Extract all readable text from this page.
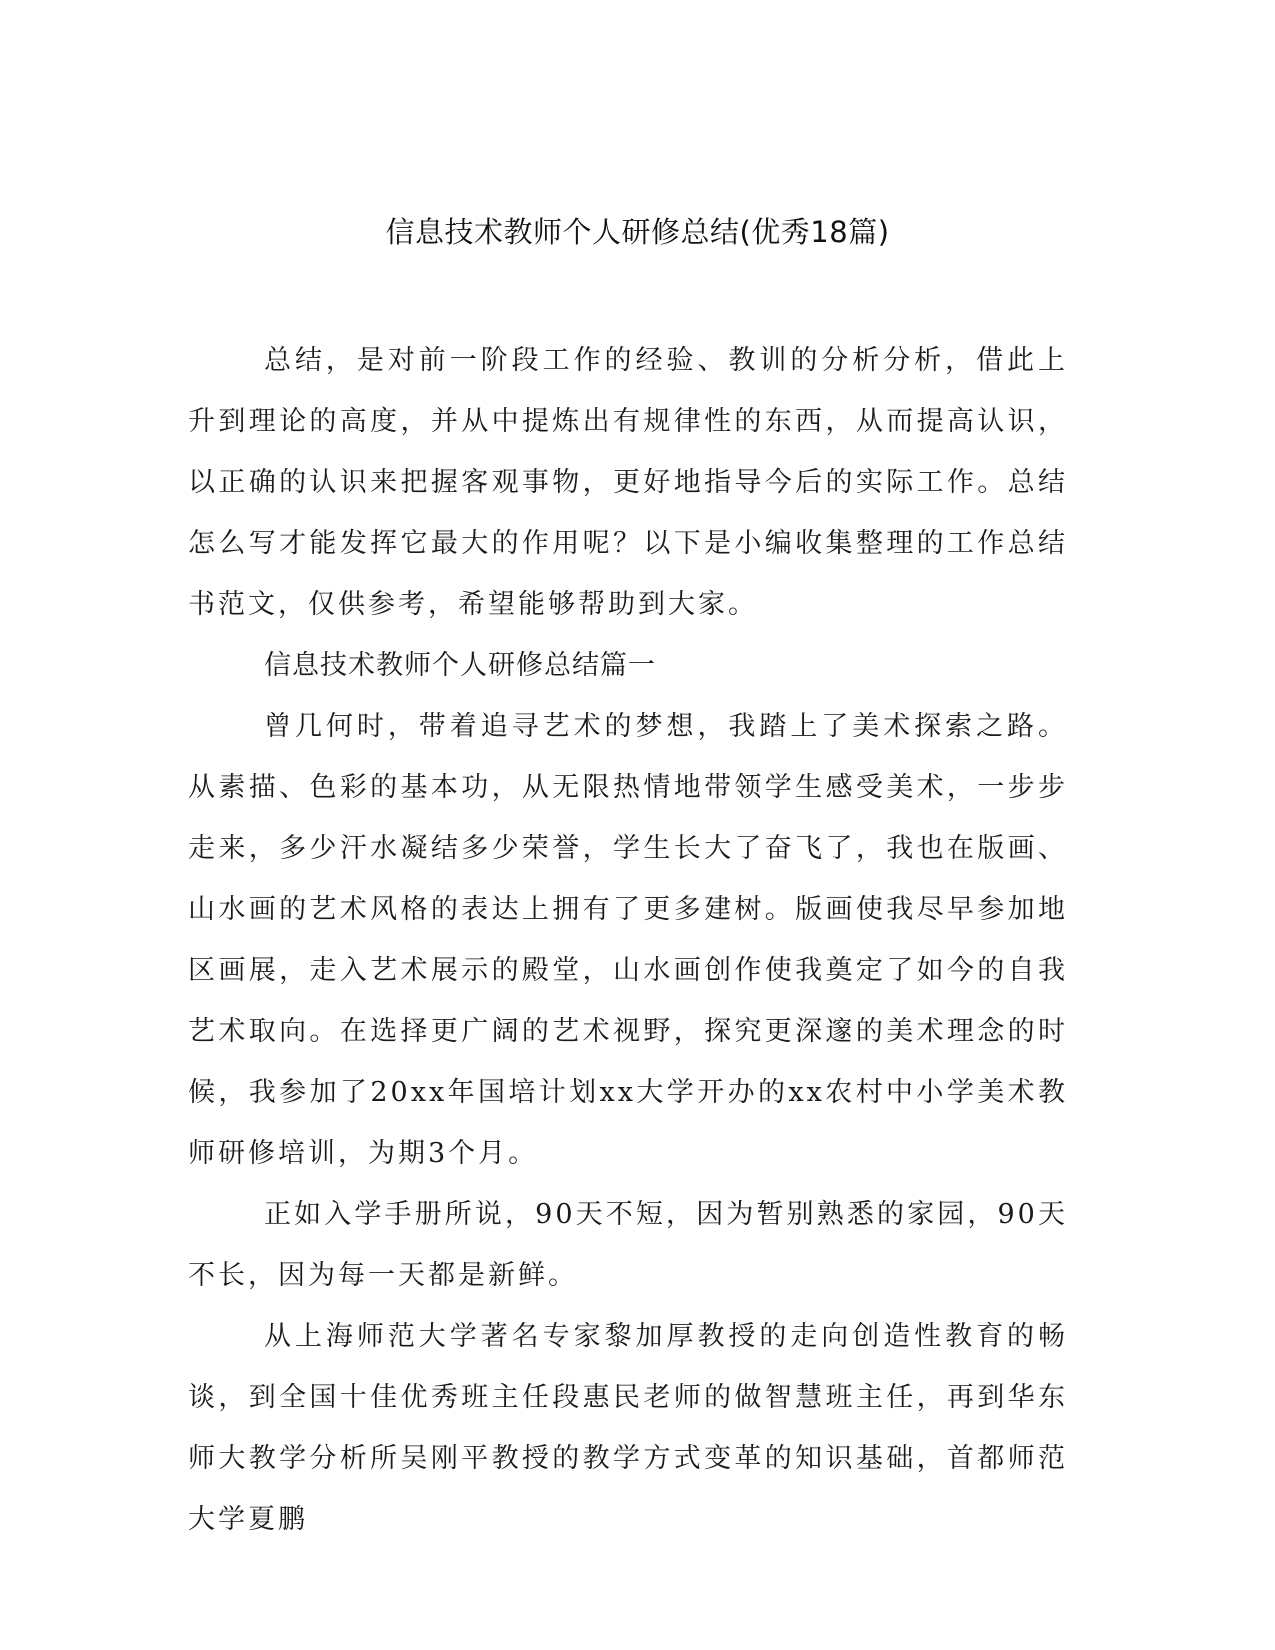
信息技术教师个人研修总结(优秀18篇)

总结，是对前一阶段工作的经验、教训的分析分析，借此上升到理论的高度，并从中提炼出有规律性的东西，从而提高认识，以正确的认识来把握客观事物，更好地指导今后的实际工作。总结怎么写才能发挥它最大的作用呢？以下是小编收集整理的工作总结书范文，仅供参考，希望能够帮助到大家。

信息技术教师个人研修总结篇一

曾几何时，带着追寻艺术的梦想，我踏上了美术探索之路。从素描、色彩的基本功，从无限热情地带领学生感受美术，一步步走来，多少汗水凝结多少荣誉，学生长大了奋飞了，我也在版画、山水画的艺术风格的表达上拥有了更多建树。版画使我尽早参加地区画展，走入艺术展示的殿堂，山水画创作使我奠定了如今的自我艺术取向。在选择更广阔的艺术视野，探究更深邃的美术理念的时候，我参加了20xx年国培计划xx大学开办的xx农村中小学美术教师研修培训，为期3个月。

正如入学手册所说，90天不短，因为暂别熟悉的家园，90天不长，因为每一天都是新鲜。

从上海师范大学著名专家黎加厚教授的走向创造性教育的畅谈，到全国十佳优秀班主任段惠民老师的做智慧班主任，再到华东师大教学分析所吴刚平教授的教学方式变革的知识基础，首都师范大学夏鹏
